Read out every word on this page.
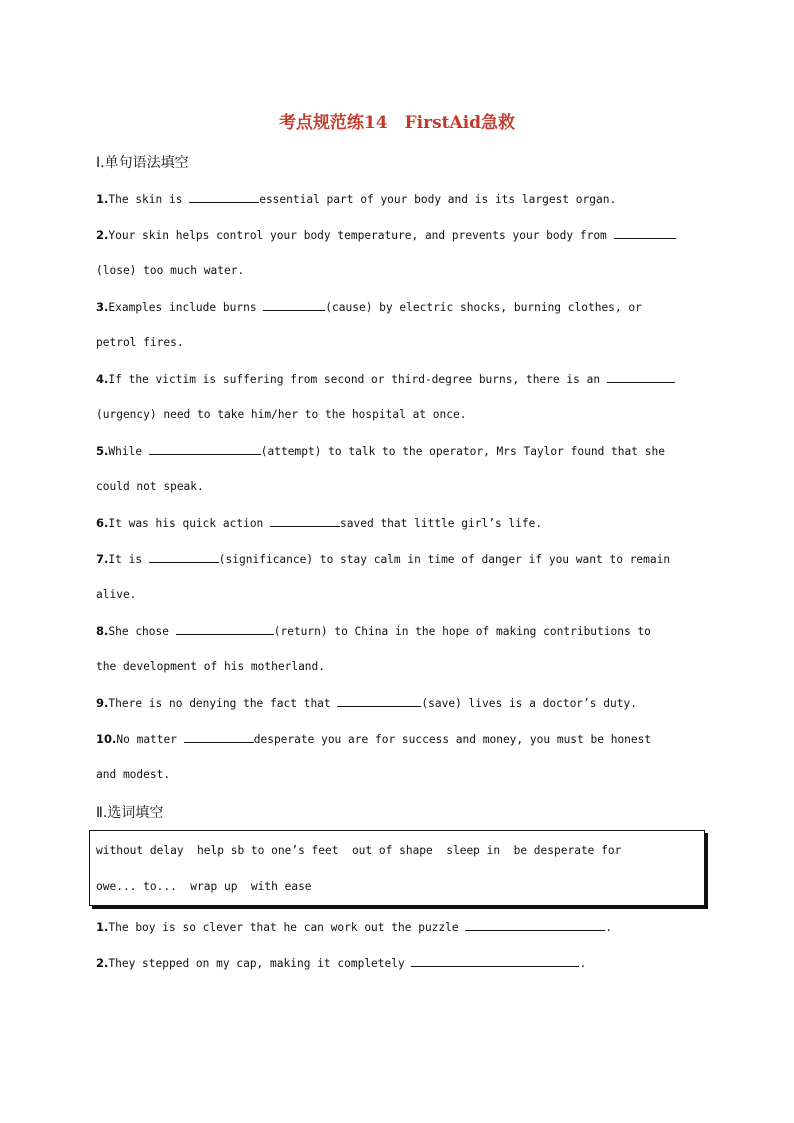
考点规范练14　FirstAid急救
Ⅰ.单句语法填空
1.The skin is	essential part of your body and is its largest organ.
2.Your skin helps control your body temperature, and prevents your body from
(lose) too much water.
3.Examples include burns	(cause) by electric shocks, burning clothes, or
petrol fires.
4.If the victim is suffering from second or third-degree burns, there is an
(urgency) need to take him/her to the hospital at once.
5.While	(attempt) to talk to the operator, Mrs Taylor found that she
could not speak.
6.It was his quick action	saved that little girl’s life.
7.It is	(significance) to stay calm in time of danger if you want to remain
alive.
8.She chose	(return) to China in the hope of making contributions to
the development of his motherland.
9.There is no denying the fact that	(save) lives is a doctor’s duty.
10.No matter	desperate you are for success and money, you must be honest
and modest.
Ⅱ.选词填空
without delay  help sb to one’s feet  out of shape  sleep in  be desperate for
owe... to...  wrap up  with ease
1.The boy is so clever that he can work out the puzzle	.
2.They stepped on my cap, making it completely	.
